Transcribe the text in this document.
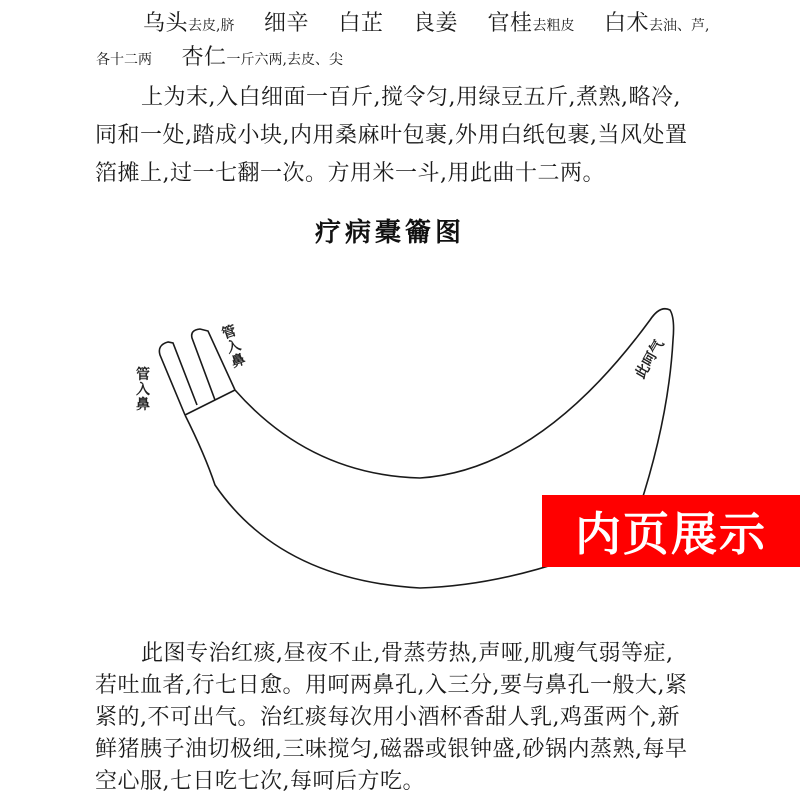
乌头去皮,脐 细辛 白芷 良姜 官桂去粗皮 白术去油、芦,
各十二两 杏仁一斤六两,去皮、尖
上为末,入白细面一百斤,搅令匀,用绿豆五斤,煮熟,略冷,
同和一处,踏成小块,内用桑麻叶包裹,外用白纸包裹,当风处置
箔摊上,过一七翻一次。方用米一斗,用此曲十二两。
疗病橐籥图
管入鼻
管入鼻	此呵气
此图专治红痰,昼夜不止,骨蒸劳热,声哑,肌瘦气弱等症,
若吐血者,行七日愈。用呵两鼻孔,入三分,要与鼻孔一般大,紧
紧的,不可出气。治红痰每次用小酒杯香甜人乳,鸡蛋两个,新
鲜猪胰子油切极细,三味搅匀,磁器或银钟盛,砂锅内蒸熟,每早
空心服,七日吃七次,每呵后方吃。
内页展示
